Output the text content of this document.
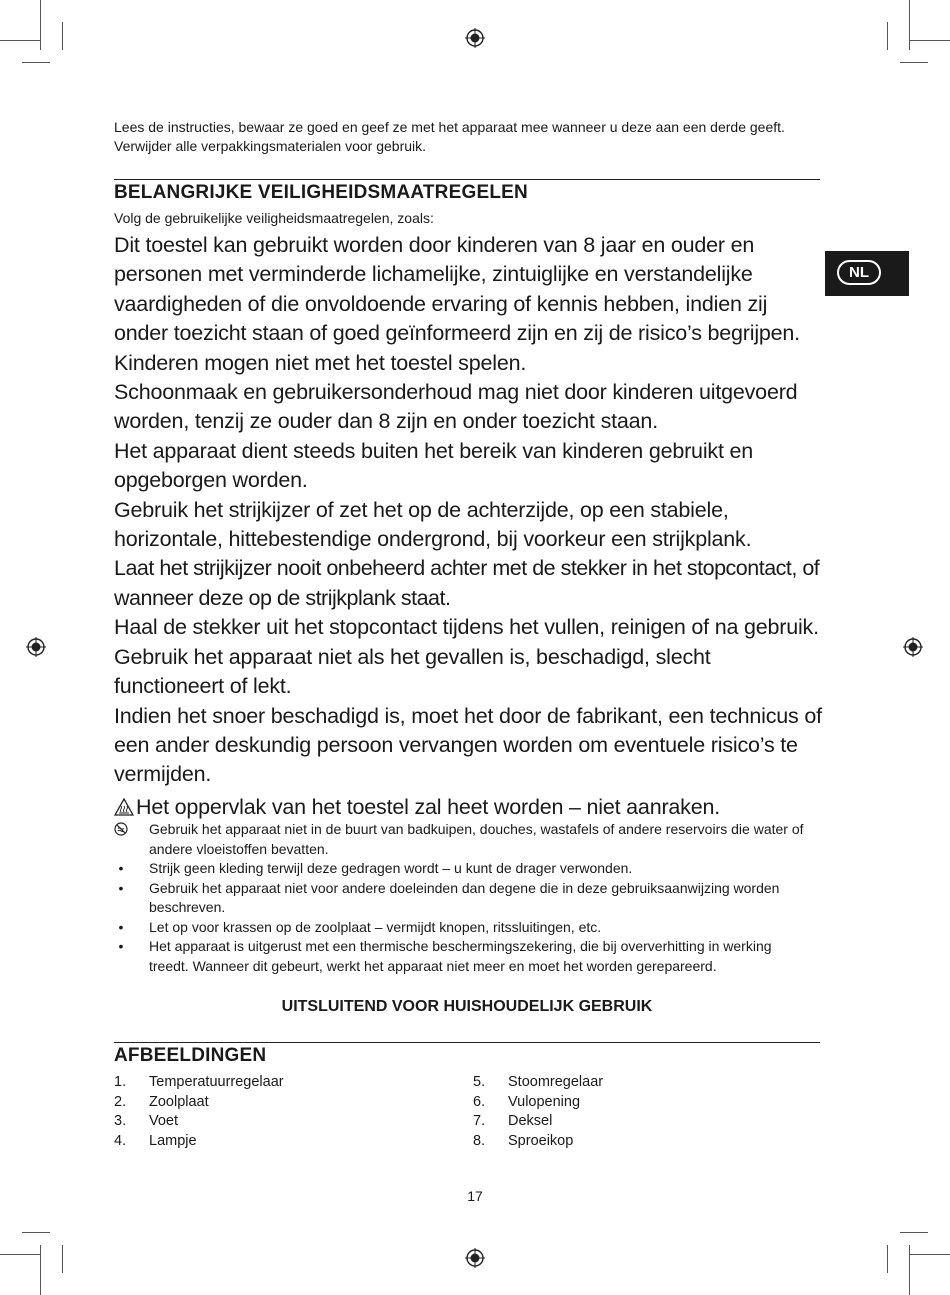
Lees de instructies, bewaar ze goed en geef ze met het apparaat mee wanneer u deze aan een derde geeft. Verwijder alle verpakkingsmaterialen voor gebruik.
BELANGRIJKE VEILIGHEIDSMAATREGELEN
Volg de gebruikelijke veiligheidsmaatregelen, zoals:

Dit toestel kan gebruikt worden door kinderen van 8 jaar en ouder en personen met verminderde lichamelijke, zintuiglijke en verstandelijke vaardigheden of die onvoldoende ervaring of kennis hebben, indien zij onder toezicht staan of goed geïnformeerd zijn en zij de risico’s begrijpen.

Kinderen mogen niet met het toestel spelen.

Schoonmaak en gebruikersonderhoud mag niet door kinderen uitgevoerd worden, tenzij ze ouder dan 8 zijn en onder toezicht staan.

Het apparaat dient steeds buiten het bereik van kinderen gebruikt en opgeborgen worden.

Gebruik het strijkijzer of zet het op de achterzijde, op een stabiele, horizontale, hittebestendige ondergrond, bij voorkeur een strijkplank.

Laat het strijkijzer nooit onbeheerd achter met de stekker in het stopcontact, of wanneer deze op de strijkplank staat.

Haal de stekker uit het stopcontact tijdens het vullen, reinigen of na gebruik.

Gebruik het apparaat niet als het gevallen is, beschadigd, slecht functioneert of lekt.

Indien het snoer beschadigd is, moet het door de fabrikant, een technicus of een ander deskundig persoon vervangen worden om eventuele risico’s te vermijden.

Het oppervlak van het toestel zal heet worden – niet aanraken.
Gebruik het apparaat niet in de buurt van badkuipen, douches, wastafels of andere reservoirs die water of andere vloeistoffen bevatten.
•	Strijk geen kleding terwijl deze gedragen wordt – u kunt de drager verwonden.
•	Gebruik het apparaat niet voor andere doeleinden dan degene die in deze gebruiksaanwijzing worden beschreven.
•	Let op voor krassen op de zoolplaat – vermijdt knopen, ritssluitingen, etc.
•	Het apparaat is uitgerust met een thermische beschermingszekering, die bij oververhitting in werking treedt. Wanneer dit gebeurt, werkt het apparaat niet meer en moet het worden gerepareerd.
UITSLUITEND VOOR HUISHOUDELIJK GEBRUIK
AFBEELDINGEN
1. Temperatuurregelaar
2. Zoolplaat
3. Voet
4. Lampje
5. Stoomregelaar
6. Vulopening
7. Deksel
8. Sproeikop
NL
17
